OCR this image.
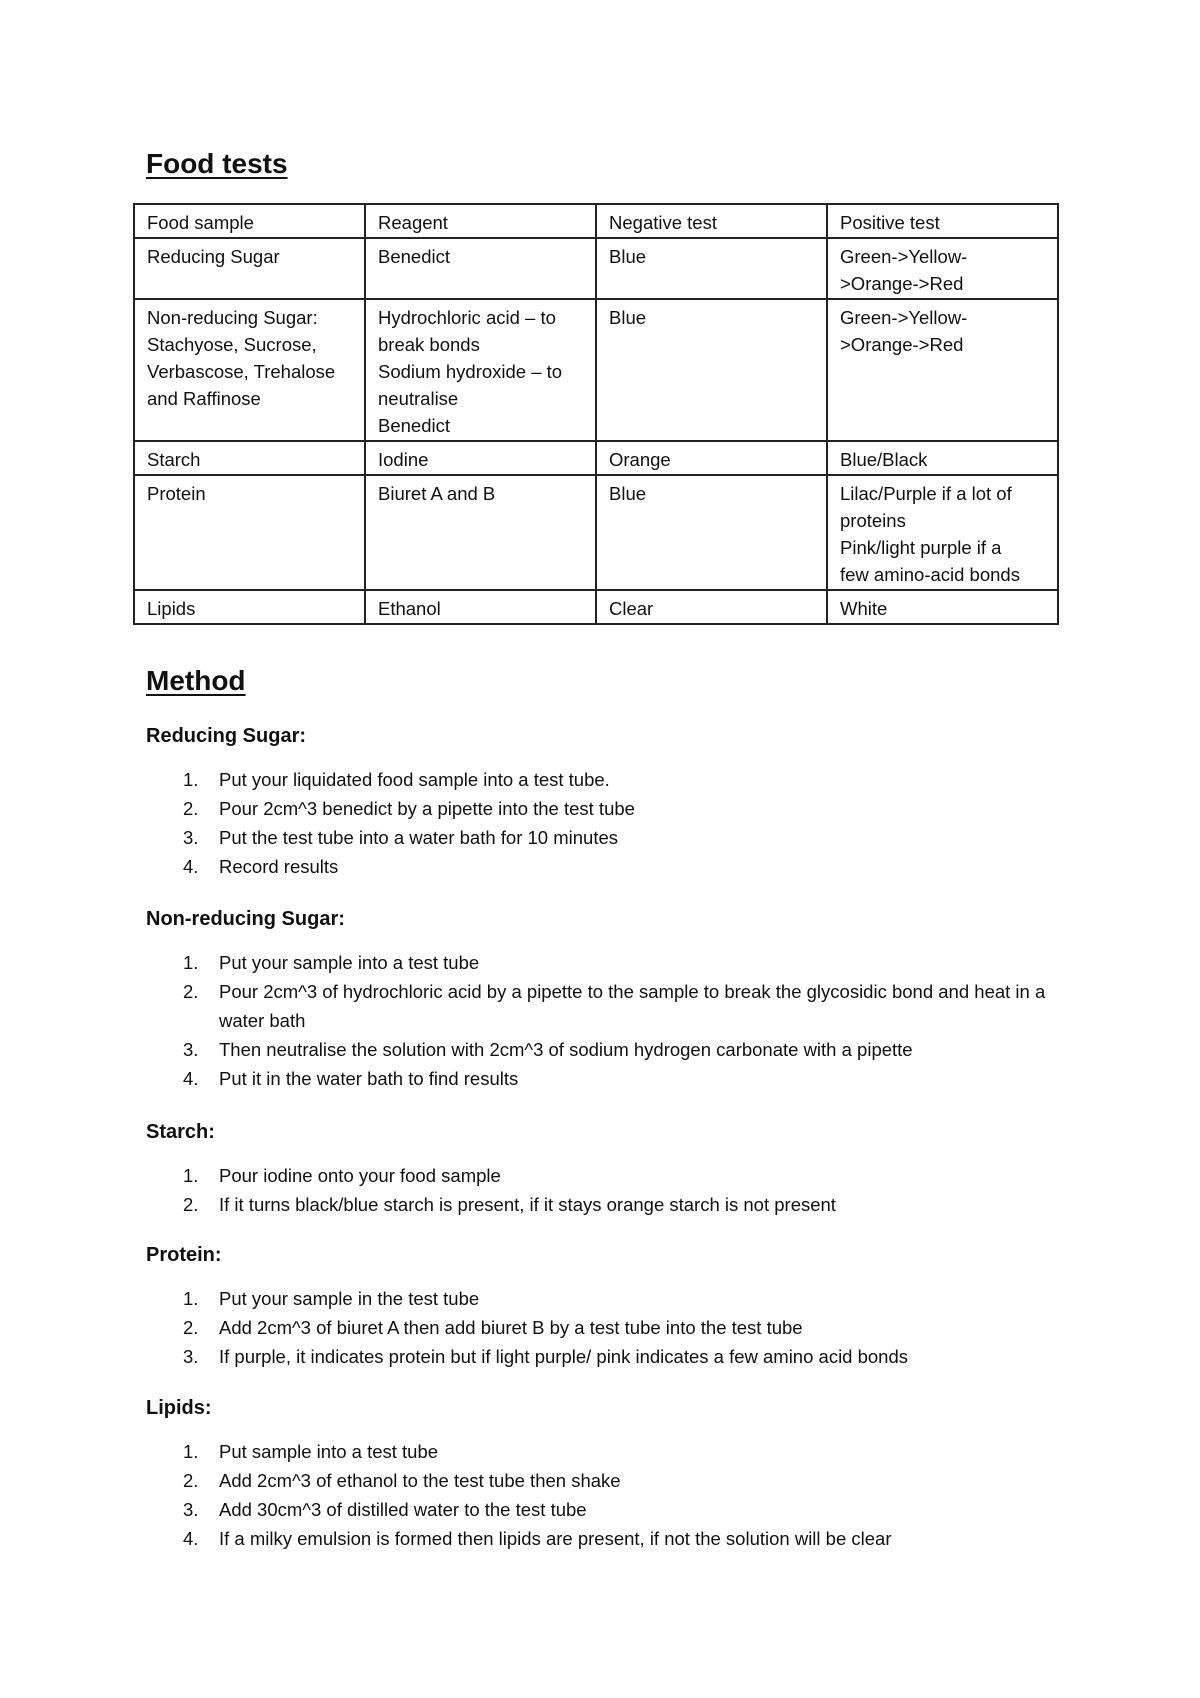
Food tests
Food sample	Reagent	Negative test	Positive test
Reducing Sugar	Benedict	Blue	Green->Yellow-
>Orange->Red
Non-reducing Sugar:
Stachyose, Sucrose,
Verbascose, Trehalose
and Raffinose	Hydrochloric acid – to
break bonds
Sodium hydroxide – to
neutralise
Benedict	Blue	Green->Yellow-
>Orange->Red
Starch	Iodine	Orange	Blue/Black
Protein	Biuret A and B	Blue	Lilac/Purple if a lot of
proteins
Pink/light purple if a
few amino-acid bonds
Lipids	Ethanol	Clear	White
Method
Reducing Sugar:
1. Put your liquidated food sample into a test tube.
2. Pour 2cm^3 benedict by a pipette into the test tube
3. Put the test tube into a water bath for 10 minutes
4. Record results
Non-reducing Sugar:
1. Put your sample into a test tube
2. Pour 2cm^3 of hydrochloric acid by a pipette to the sample to break the glycosidic bond and heat in a water bath
3. Then neutralise the solution with 2cm^3 of sodium hydrogen carbonate with a pipette
4. Put it in the water bath to find results
Starch:
1. Pour iodine onto your food sample
2. If it turns black/blue starch is present, if it stays orange starch is not present
Protein:
1. Put your sample in the test tube
2. Add 2cm^3 of biuret A then add biuret B by a test tube into the test tube
3. If purple, it indicates protein but if light purple/ pink indicates a few amino acid bonds
Lipids:
1. Put sample into a test tube
2. Add 2cm^3 of ethanol to the test tube then shake
3. Add 30cm^3 of distilled water to the test tube
4. If a milky emulsion is formed then lipids are present, if not the solution will be clear
